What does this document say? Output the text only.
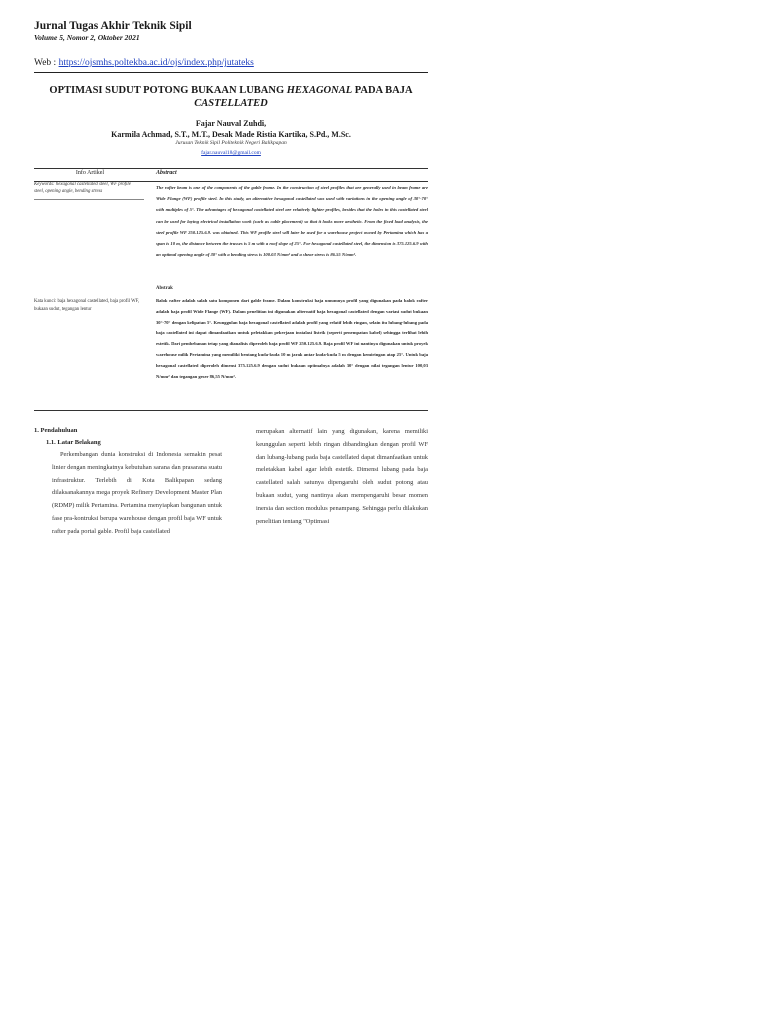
Jurnal Tugas Akhir Teknik Sipil
Volume 5, Nomor 2, Oktober 2021
Web : https://ojsmhs.poltekba.ac.id/ojs/index.php/jutateks
OPTIMASI SUDUT POTONG BUKAAN LUBANG HEXAGONAL PADA BAJA
CASTELLATED
Fajar Nauval Zuhdi,
Karmila Achmad, S.T., M.T., Desak Made Ristia Kartika, S.Pd., M.Sc.
Jurusan Teknik Sipil Politeknik Negeri Balikpapan
fajar.nauval18@gmail.com
Info Artikel	Abstract
Keywords: hexagonal castellated steel, WF profile steel, opening angle, bending stress
The rafter beam is one of the components of the gable frame. In the construction of steel profiles that are generally used in beam frame are Wide Flange (WF) profile steel. In this study, an alternative hexagonal castellated was used with variations in the opening angle of 30°-70° with multiples of 5°. The advantages of hexagonal castellated steel are relatively lighter profiles, besides that the holes in this castellated steel can be used for laying electrical installation work (such as cable placement) so that it looks more aesthetic. From the fixed load analysis, the steel profile WF 250.125.6.9. was obtained. This WF profile steel will later be used for a warehouse project owned by Pertamina which has a span is 10 m, the distance between the trusses is 5 m with a roof slope of 25°. For hexagonal castellated steel, the dimension is 375.125.6.9 with an optimal opening angle of 30° with a bending stress is 100.03 N/mm² and a shear stress is 86.55 N/mm².
Abstrak
Kata kunci: baja hexagonal castellated, baja profil WF, bukaan sudut, tegangan lentur
Balok rafter adalah salah satu komponen dari gable frame. Dalam konstruksi baja umumnya profil yang digunakan pada balok rafter adalah baja profil Wide Flange (WF). Dalam penelitian ini digunakan alternatif baja hexagonal castellated dengan variasi sudut bukaan 30°-70° dengan kelipatan 5°. Keunggulan baja hexagonal castellated adalah profil yang relatif lebih ringan, selain itu lubang-lubang pada baja castellated ini dapat dimanfaatkan untuk peletakkan pekerjaan instalasi listrik (seperti penempatan kabel) sehingga terlihat lebih estetik. Dari pembebanan tetap yang dianalisis diperoleh baja profil WF 250.125.6.9. Baja profil WF ini nantinya digunakan untuk proyek warehouse milik Pertamina yang memiliki bentang kuda-kuda 10 m jarak antar kuda-kuda 5 m dengan kemiringan atap 25°. Untuk baja hexagonal castellated diperoleh dimensi 375.125.6.9 dengan sudut bukaan optimalnya adalah 30° dengan nilai tegangan lentur 100,03 N/mm² dan tegangan geser 86,55 N/mm².
1. Pendahuluan
1.1. Latar Belakang
Perkembangan dunia konstruksi di Indonesia semakin pesat linier dengan meningkatnya kebutuhan sarana dan prasarana suatu infrastruktur. Terlebih di Kota Balikpapan sedang dilaksanakannya mega proyek Refinery Development Master Plan (RDMP) milik Pertamina. Pertamina menyiapkan bangunan untuk fase pra-kontruksi berupa warehouse dengan profil baja WF untuk rafter pada portal gable. Profil baja castellated
merupakan alternatif lain yang digunakan, karena memiliki keunggulan seperti lebih ringan dibandingkan dengan profil WF dan lubang-lubang pada baja castellated dapat dimanfaatkan untuk meletakkan kabel agar lebih estetik. Dimensi lubang pada baja castellated salah satunya dipengaruhi oleh sudut potong atau bukaan sudut, yang nantinya akan mempengaruhi besar momen inersia dan section modulus penampang. Sehingga perlu dilakukan penelitian tentang "Optimasi
